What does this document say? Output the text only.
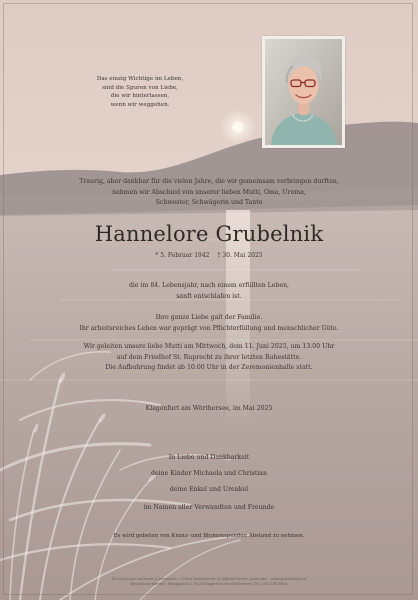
Das einzig Wichtige im Leben,
sind die Spuren von Liebe,
die wir hinterlassen,
wenn wir weggehen.
Traurig, aber dankbar für die vielen Jahre, die wir gemeinsam verbringen durften,
nehmen wir Abschied von unserer lieben Mutti, Oma, Uroma,
Schwester, Schwägerin und Tante
Hannelore Grubelnik
* 5. Februar 1942 † 30. Mai 2025
die im 84. Lebensjahr, nach einem erfüllten Leben,
sanft entschlafen ist.
Ihre ganze Liebe galt der Familie.
Ihr arbeitsreiches Leben war geprägt von Pflichterfüllung und menschlicher Güte.
Wir geleiten unsere liebe Mutti am Mittwoch, dem 11. Juni 2025, um 13.00 Uhr
auf dem Friedhof St. Ruprecht zu ihrer letzten Ruhestätte.
Die Aufbahrung findet ab 10.00 Uhr in der Zeremonienhalle statt.
Klagenfurt am Wörthersee, im Mai 2025
In Liebe und Dankbarkeit
deine Kinder Michaela und Christian
deine Enkel und Urenkel
im Namen aller Verwandten und Freunde
Es wird gebeten von Kranz- und Blumenspenden Abstand zu nehmen.
Erinnerungen sammeln & bewahren – Online Kondolenzen & digitale Kerzen anzünden · www.grubelkaele.at
Bestattung Kärnten, Waaggasse 2, 9020 Klagenfurt am Wörthersee, Tel.: 050 186 8640
